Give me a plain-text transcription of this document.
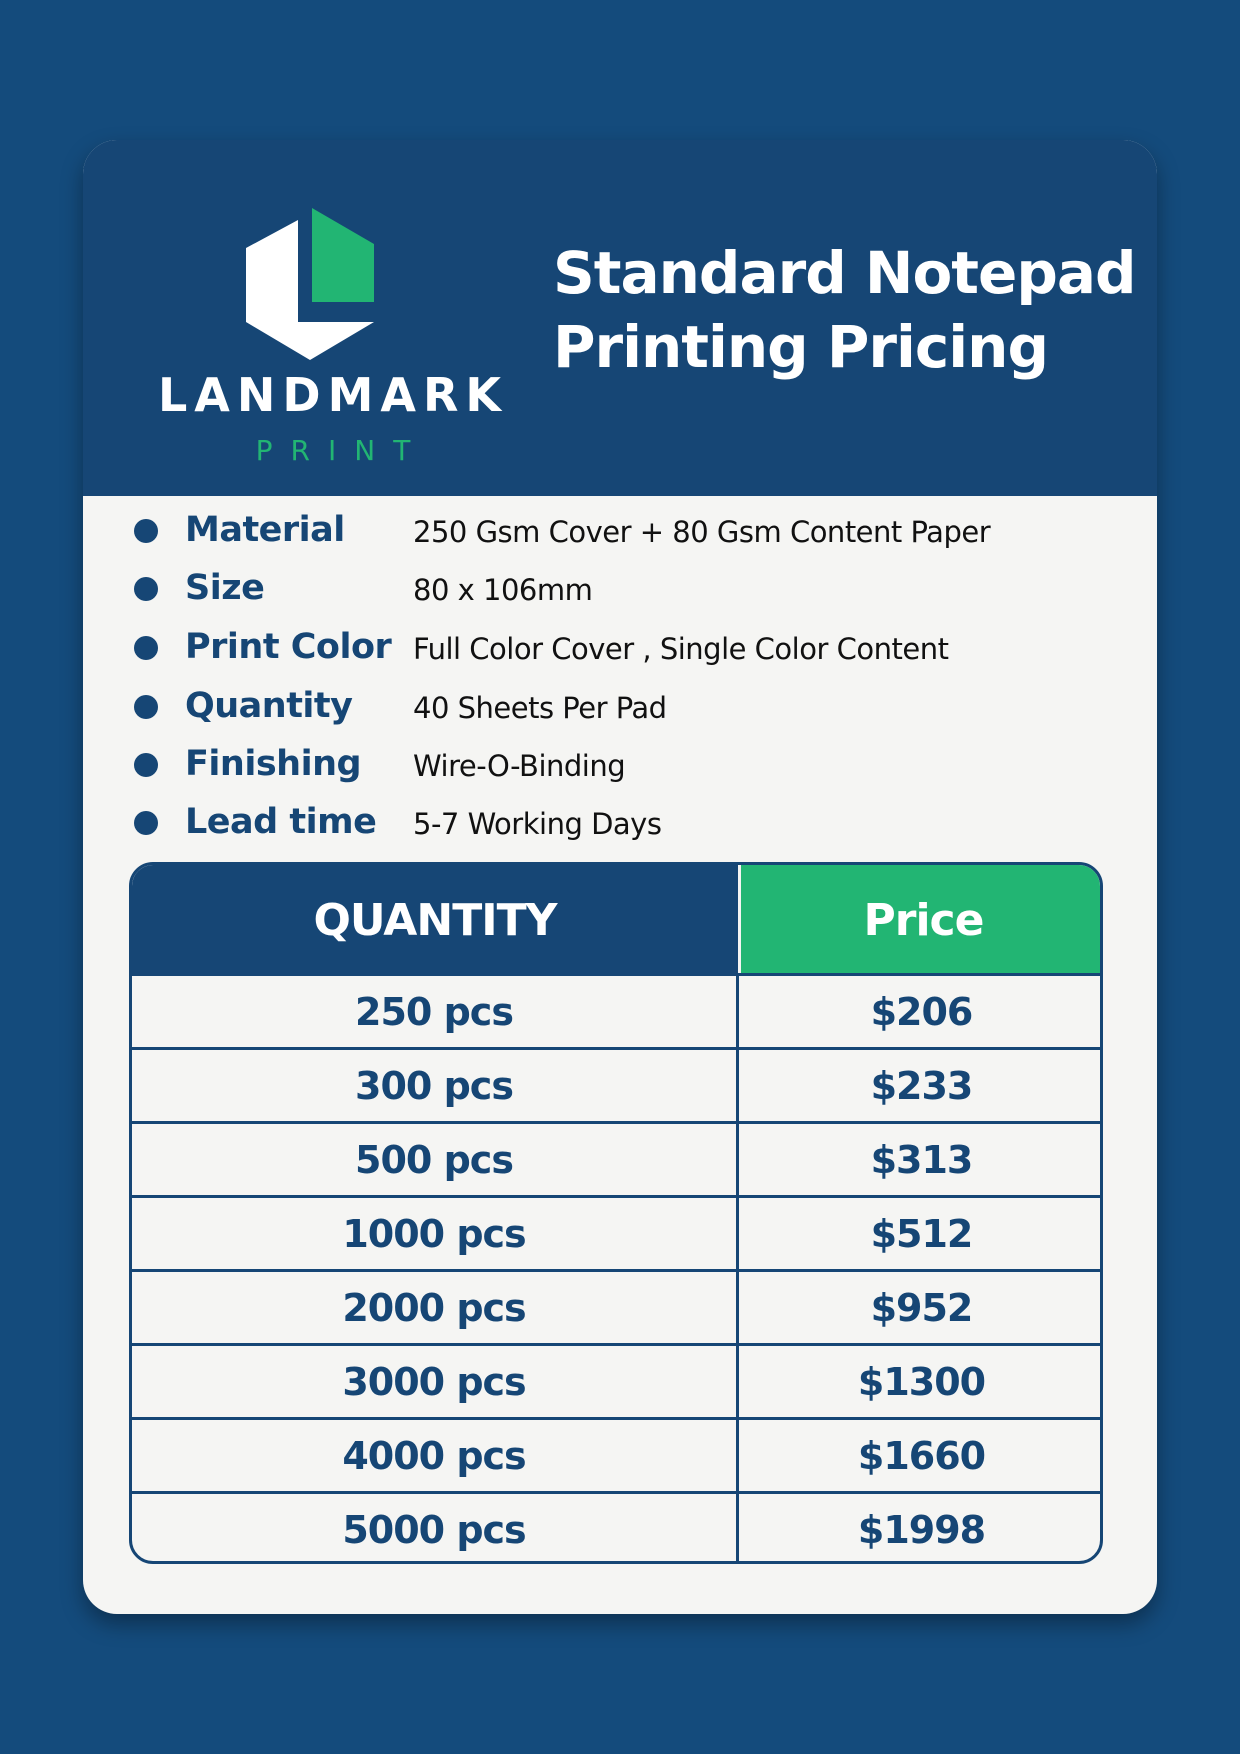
LANDMARK
PRINT
Standard Notepad
Printing Pricing
Material 250 Gsm Cover + 80 Gsm Content Paper
Size	80 x 106mm
Print Color Full Color Cover , Single Color Content
Quantity 40 Sheets Per Pad
Finishing Wire-O-Binding
Lead time 5-7 Working Days
QUANTITY	Price
250 pcs	$206
300 pcs	$233
500 pcs	$313
1000 pcs	$512
2000 pcs	$952
3000 pcs	$1300
4000 pcs	$1660
5000 pcs	$1998
